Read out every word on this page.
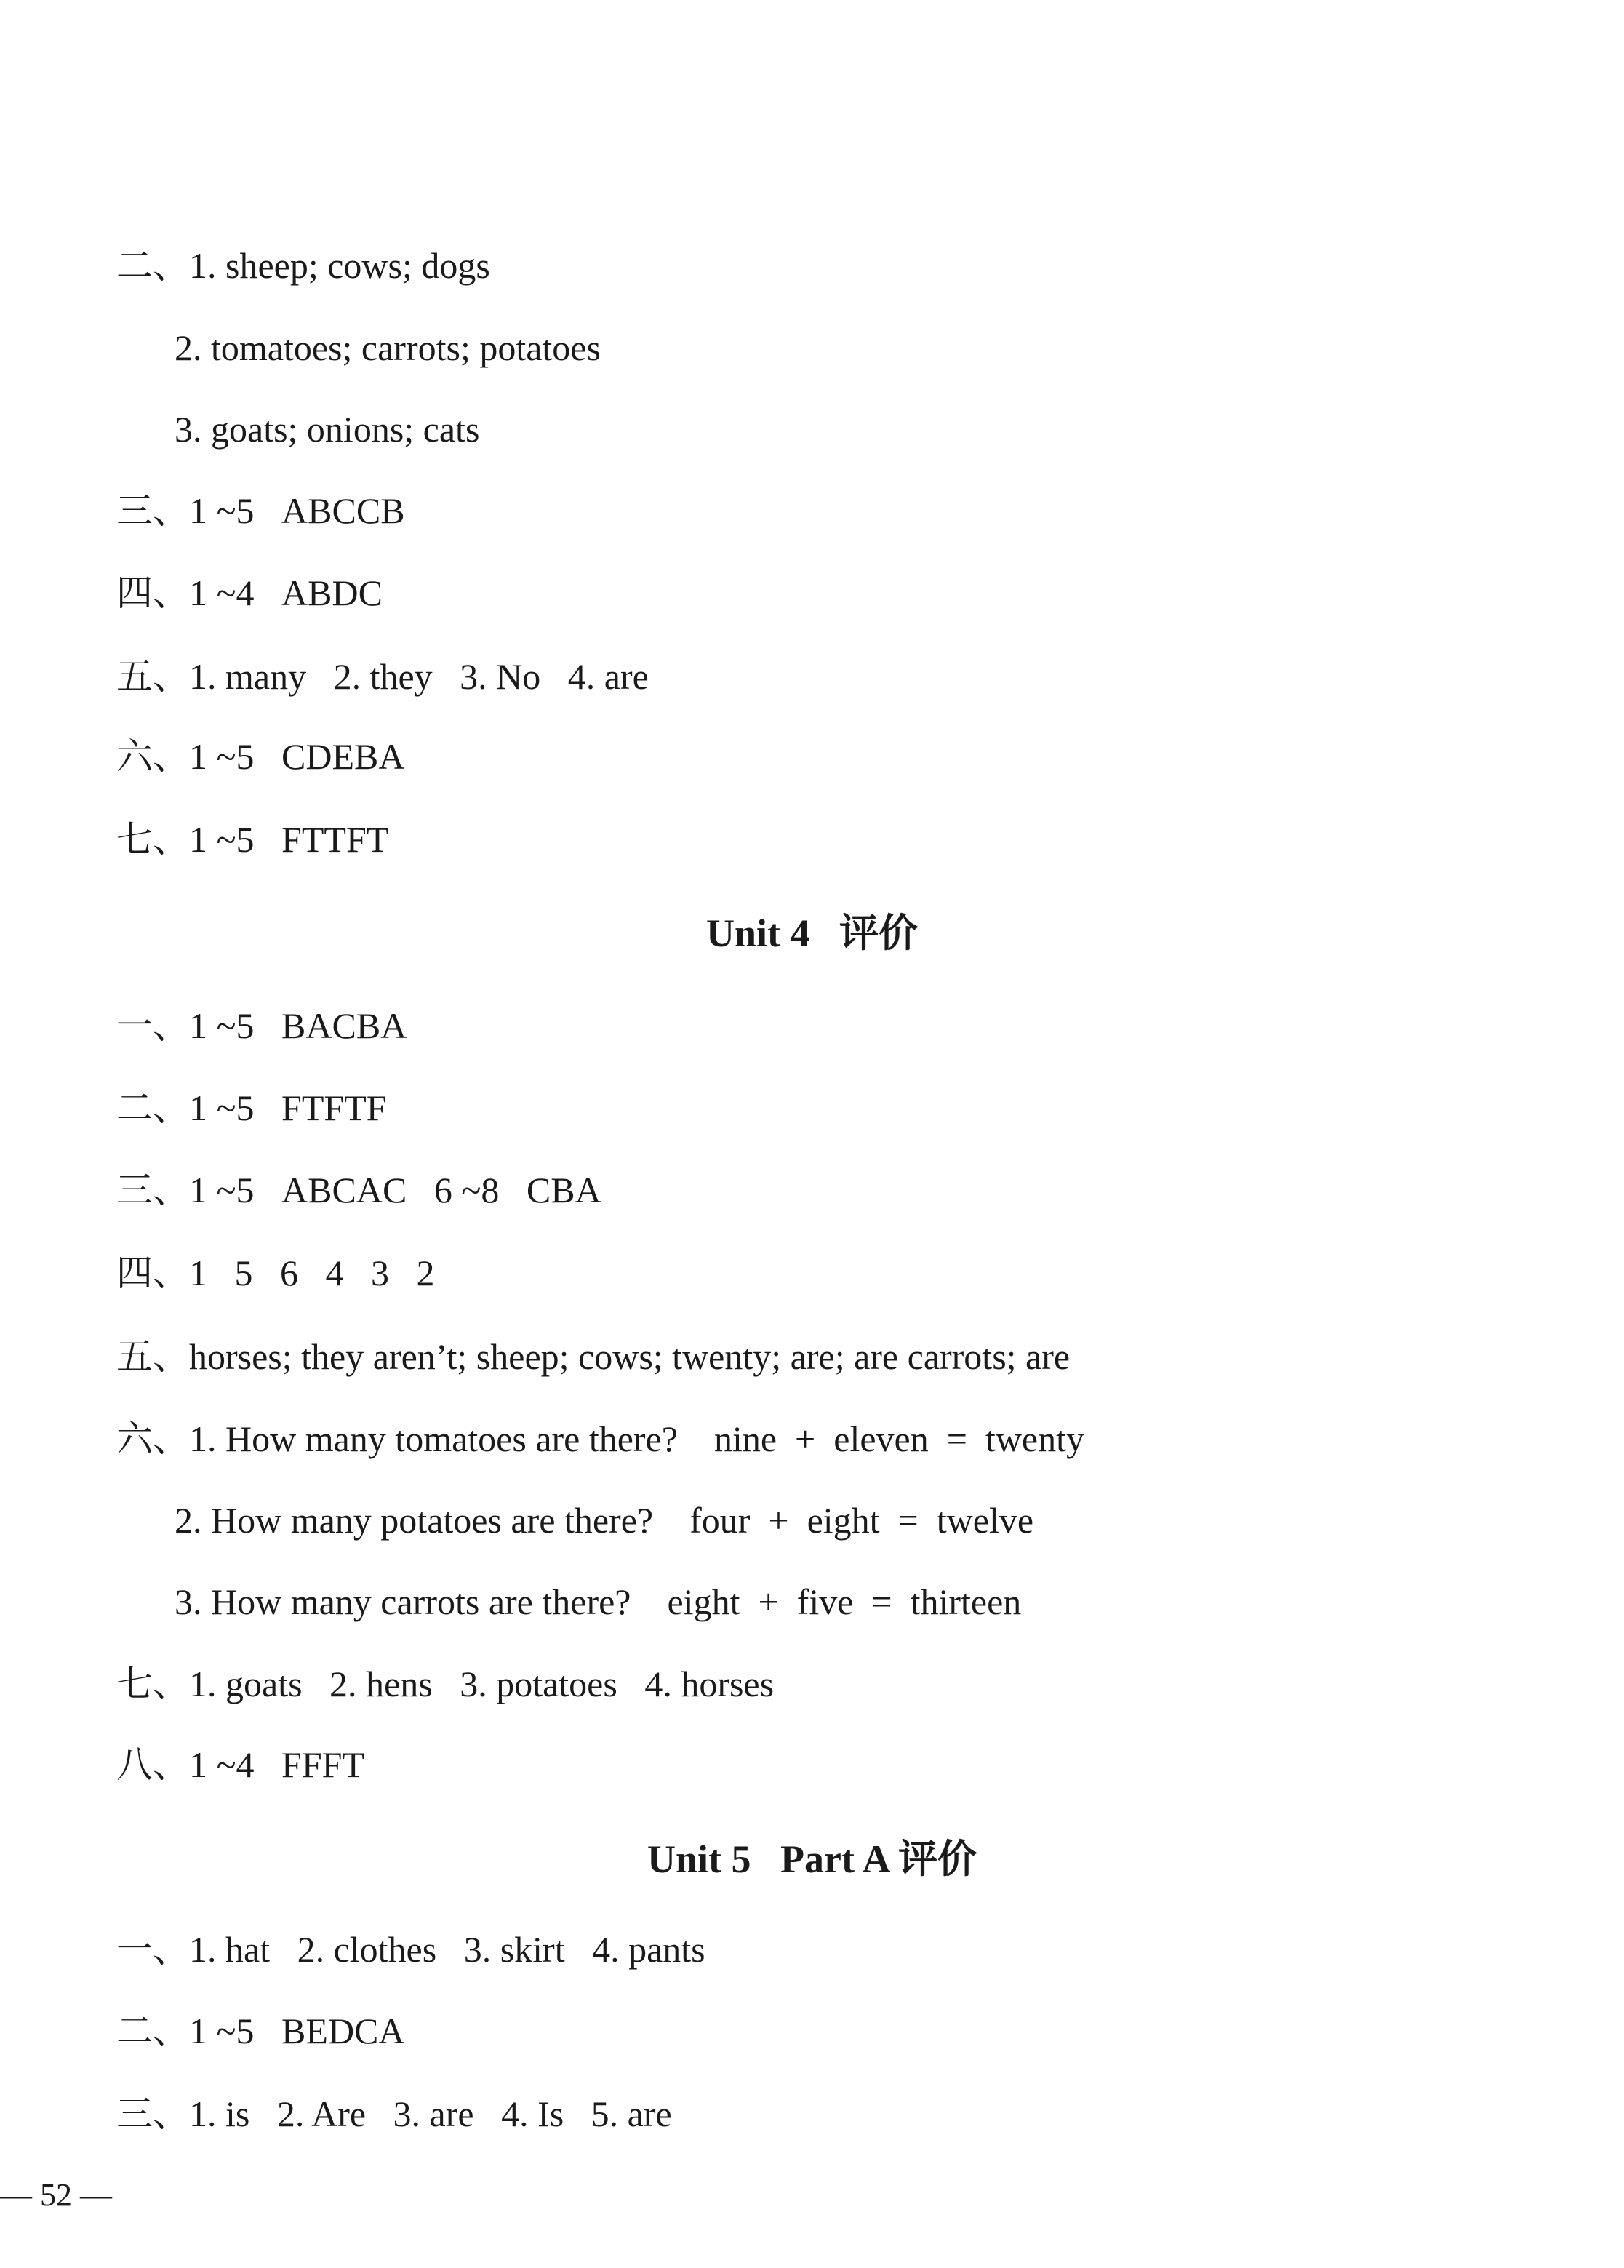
二、1. sheep; cows; dogs
2. tomatoes; carrots; potatoes
3. goats; onions; cats
三、1 ~5   ABCCB
四、1 ~4   ABDC
五、1. many   2. they   3. No   4. are
六、1 ~5   CDEBA
七、1 ~5   FTTFT
Unit 4   评价
一、1 ~5   BACBA
二、1 ~5   FTFTF
三、1 ~5   ABCAC   6 ~8   CBA
四、1   5   6   4   3   2
五、horses; they aren’t; sheep; cows; twenty; are; are carrots; are
六、1. How many tomatoes are there?    nine  +  eleven  =  twenty
2. How many potatoes are there?    four  +  eight  =  twelve
3. How many carrots are there?    eight  +  five  =  thirteen
七、1. goats   2. hens   3. potatoes   4. horses
八、1 ~4   FFFT
Unit 5   Part A 评价
一、1. hat   2. clothes   3. skirt   4. pants
二、1 ~5   BEDCA
三、1. is   2. Are   3. are   4. Is   5. are
— 52 —
